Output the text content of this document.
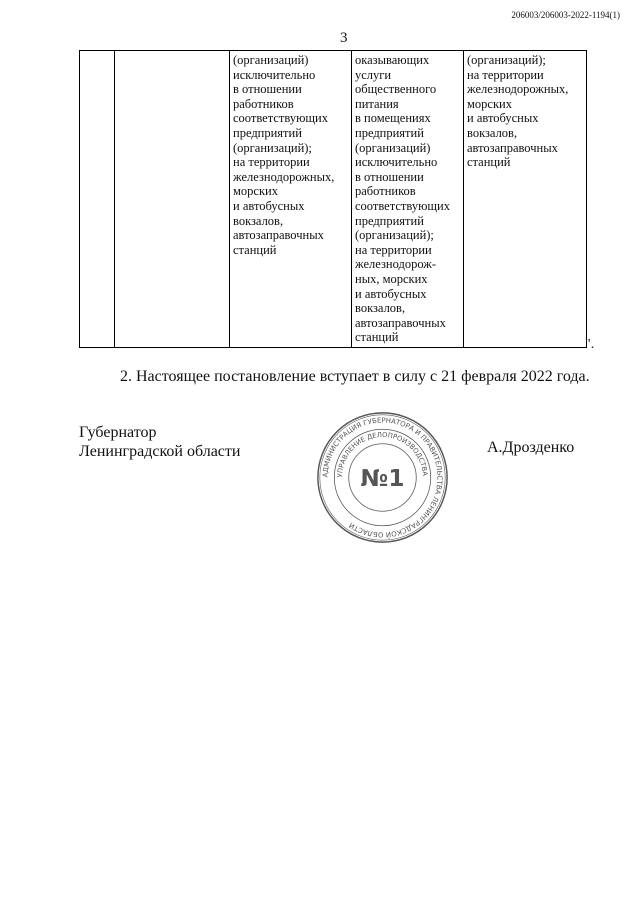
206003/206003-2022-1194(1)
3
		(организаций)
исключительно
в отношении
работников
соответствующих
предприятий
(организаций);
на территории
железнодорожных,
морских
и автобусных
вокзалов,
автозаправочных
станций	оказывающих
услуги
общественного
питания
в помещениях
предприятий
(организаций)
исключительно
в отношении
работников
соответствующих
предприятий
(организаций);
на территории
железнодорож-
ных, морских
и автобусных
вокзалов,
автозаправочных
станций	(организаций);
на территории
железнодорожных,
морских
и автобусных
вокзалов,
автозаправочных
станций
".
2. Настоящее постановление вступает в силу с 21 февраля 2022 года.
Губернатор
Ленинградской области	А.Дрозденко
АДМИНИСТРАЦИЯ ГУБЕРНАТОРА И ПРАВИТЕЛЬСТВА ЛЕНИНГРАДСКОЙ ОБЛАСТИ
УПРАВЛЕНИЕ ДЕЛОПРОИЗВОДСТВА
№1
